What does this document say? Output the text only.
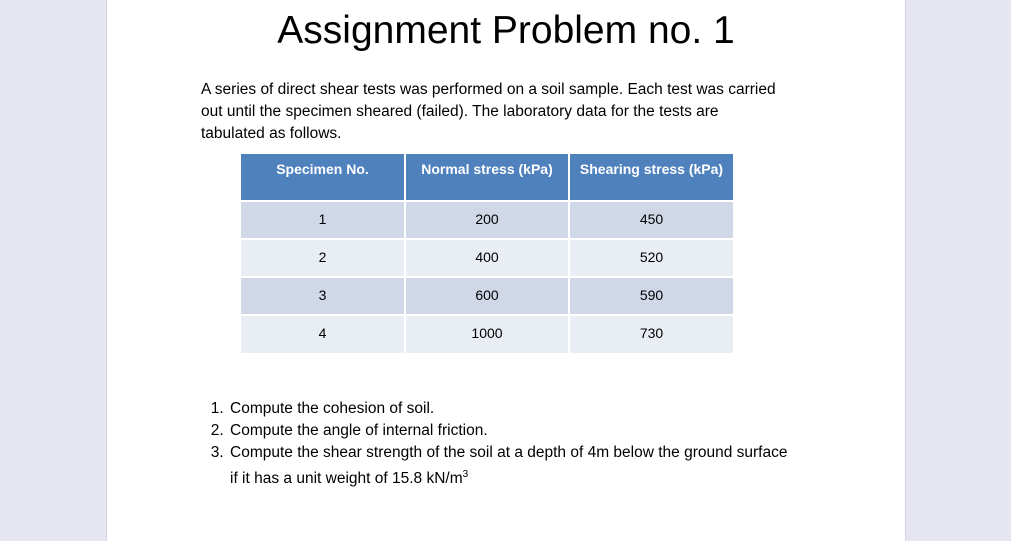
Assignment Problem no. 1
A series of direct shear tests was performed on a soil sample. Each test was carried out until the specimen sheared (failed). The laboratory data for the tests are tabulated as follows.
Specimen No.	Normal stress (kPa)	Shearing stress (kPa)
1	200	450
2	400	520
3	600	590
4	1000	730
1. Compute the cohesion of soil.
2. Compute the angle of internal friction.
3. Compute the shear strength of the soil at a depth of 4m below the ground surface if it has a unit weight of 15.8 $kN/m^3$
